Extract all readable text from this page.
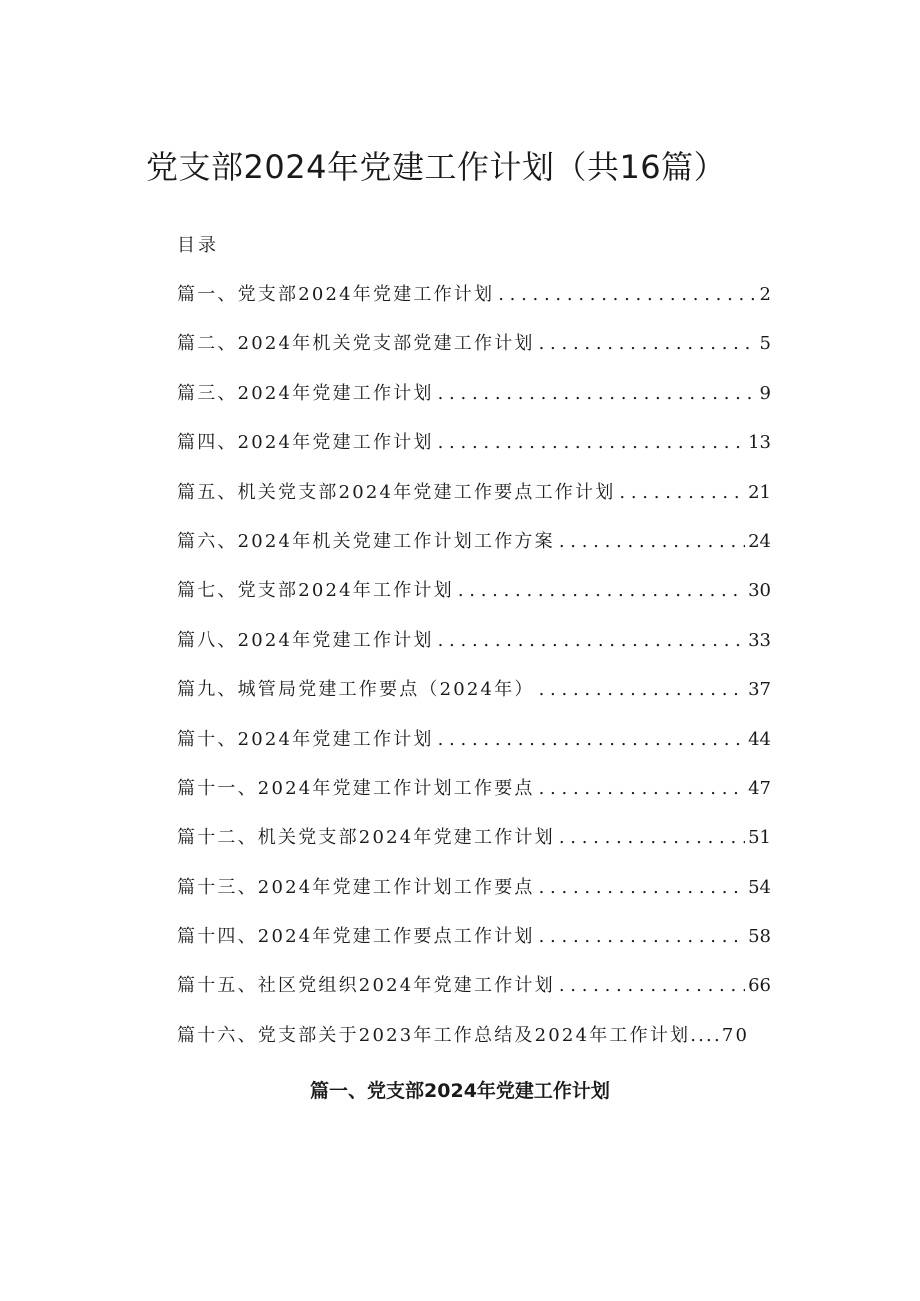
党支部2024年党建工作计划（共16篇）
目录
篇一、党支部2024年党建工作计划 . . .	2
篇二、2024年机关党支部党建工作计划 . . .	5
篇三、2024年党建工作计划 . . .	9
篇四、2024年党建工作计划 . . .	13
篇五、机关党支部2024年党建工作要点工作计划 . . .	21
篇六、2024年机关党建工作计划工作方案 . . .	24
篇七、党支部2024年工作计划 . . .	30
篇八、2024年党建工作计划 . . .	33
篇九、城管局党建工作要点（2024年） . . .	37
篇十、2024年党建工作计划 . . .	44
篇十一、2024年党建工作计划工作要点 . . .	47
篇十二、机关党支部2024年党建工作计划 . . .	51
篇十三、2024年党建工作计划工作要点 . . .	54
篇十四、2024年党建工作要点工作计划 . . .	58
篇十五、社区党组织2024年党建工作计划 . . .	66
篇十六、党支部关于2023年工作总结及2024年工作计划....70
篇一、党支部2024年党建工作计划
